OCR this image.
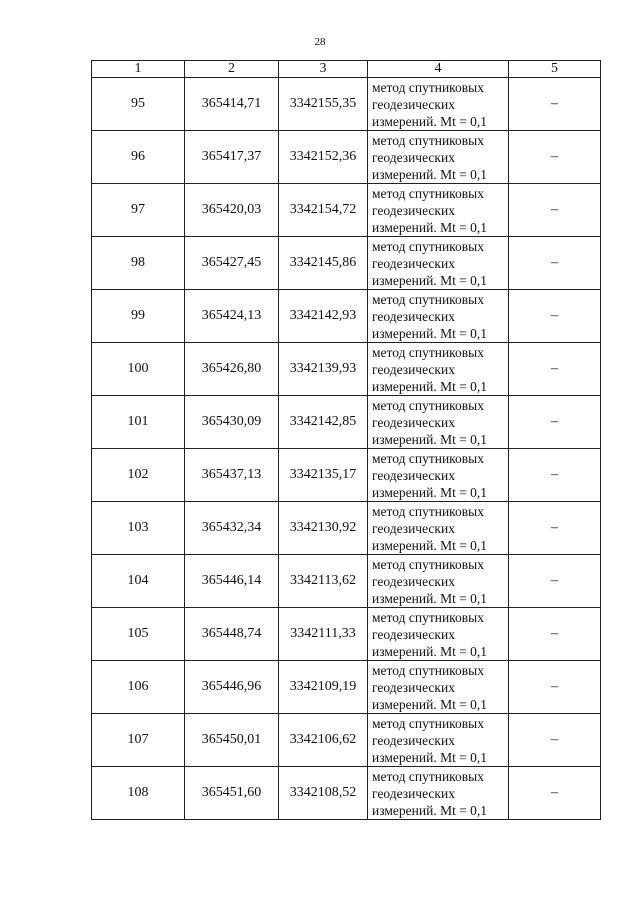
28
1	2	3	4	5
95	365414,71	3342155,35	метод спутниковых
геодезических
измерений. Mt = 0,1	–
96	365417,37	3342152,36	метод спутниковых
геодезических
измерений. Mt = 0,1	–
97	365420,03	3342154,72	метод спутниковых
геодезических
измерений. Mt = 0,1	–
98	365427,45	3342145,86	метод спутниковых
геодезических
измерений. Mt = 0,1	–
99	365424,13	3342142,93	метод спутниковых
геодезических
измерений. Mt = 0,1	–
100	365426,80	3342139,93	метод спутниковых
геодезических
измерений. Mt = 0,1	–
101	365430,09	3342142,85	метод спутниковых
геодезических
измерений. Mt = 0,1	–
102	365437,13	3342135,17	метод спутниковых
геодезических
измерений. Mt = 0,1	–
103	365432,34	3342130,92	метод спутниковых
геодезических
измерений. Mt = 0,1	–
104	365446,14	3342113,62	метод спутниковых
геодезических
измерений. Mt = 0,1	–
105	365448,74	3342111,33	метод спутниковых
геодезических
измерений. Mt = 0,1	–
106	365446,96	3342109,19	метод спутниковых
геодезических
измерений. Mt = 0,1	–
107	365450,01	3342106,62	метод спутниковых
геодезических
измерений. Mt = 0,1	–
108	365451,60	3342108,52	метод спутниковых
геодезических
измерений. Mt = 0,1	–
